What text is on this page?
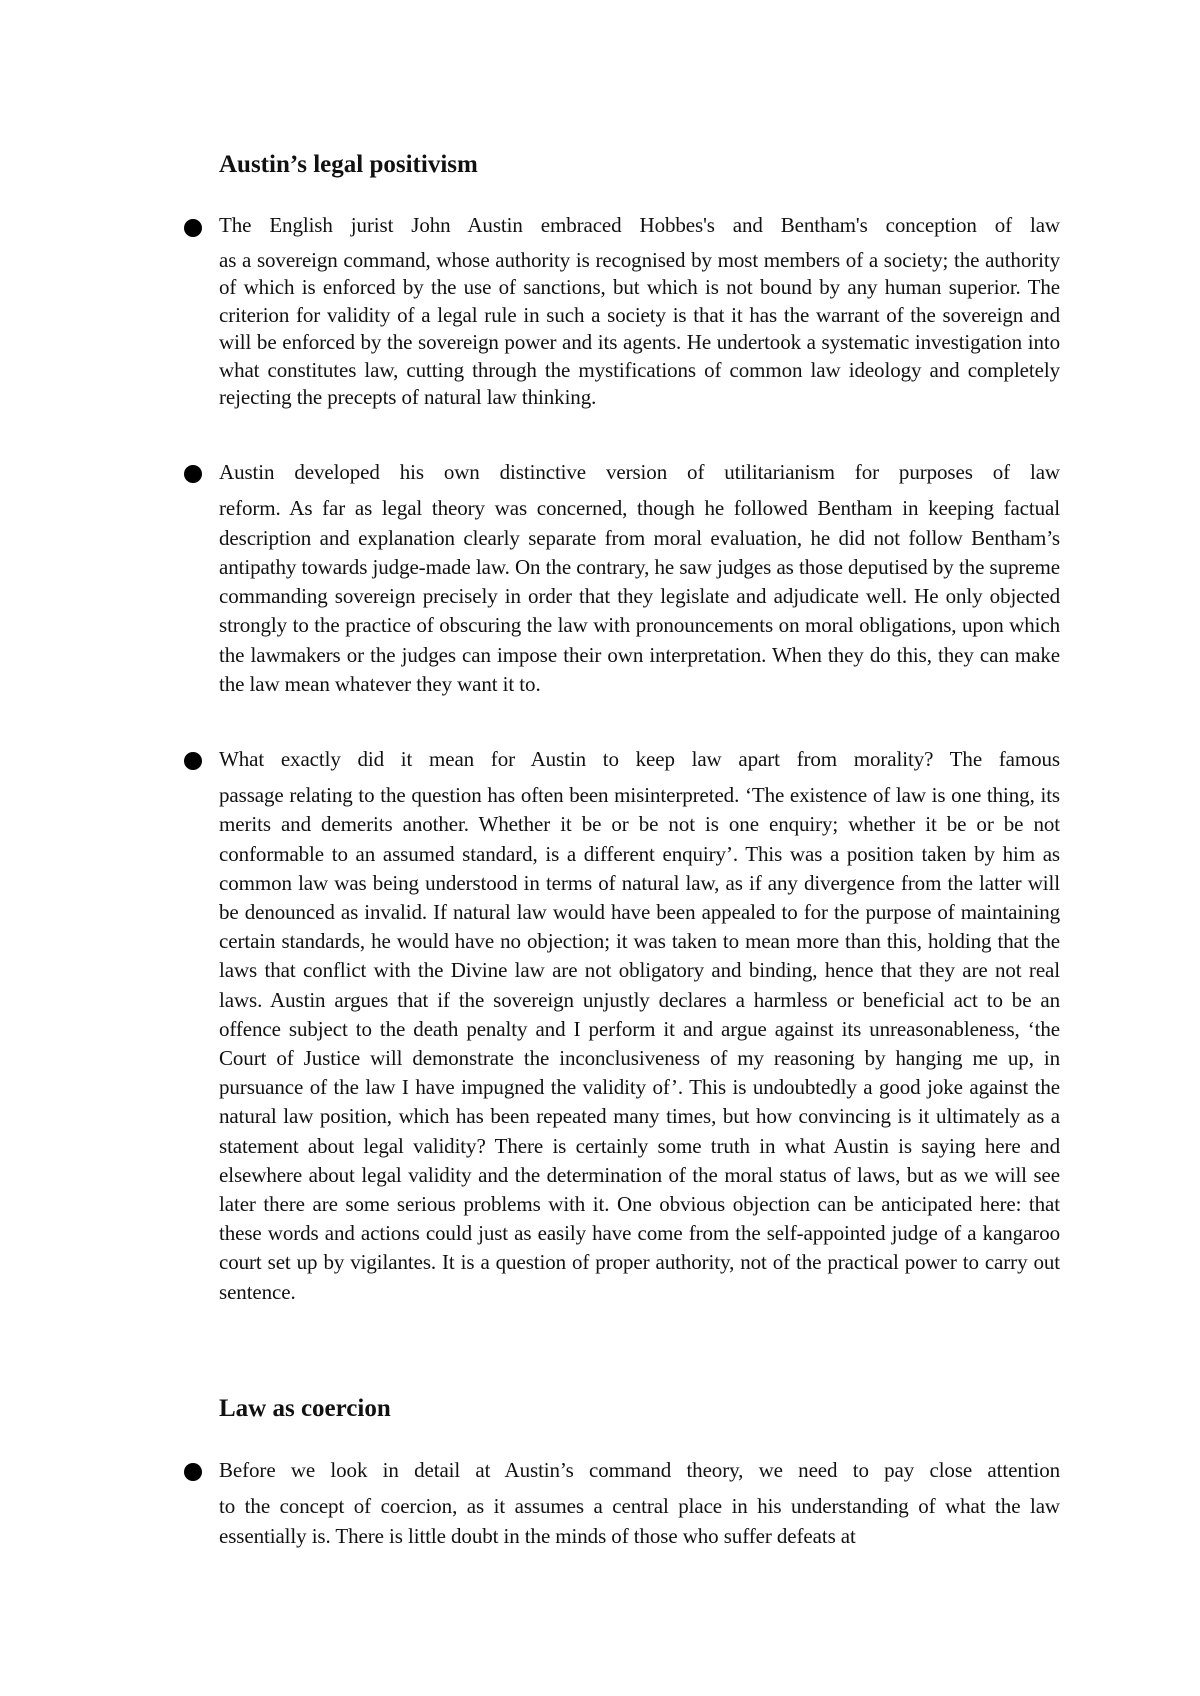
Austin’s legal positivism

The English jurist John Austin embraced Hobbes's and Bentham's conception of law
as a sovereign command, whose authority is recognised by most members of a society; the authority of which is enforced by the use of sanctions, but which is not bound by any human superior. The criterion for validity of a legal rule in such a society is that it has the warrant of the sovereign and will be enforced by the sovereign power and its agents. He undertook a systematic investigation into what constitutes law, cutting through the mystifications of common law ideology and completely rejecting the precepts of natural law thinking.

Austin developed his own distinctive version of utilitarianism for purposes of law
reform. As far as legal theory was concerned, though he followed Bentham in keeping factual description and explanation clearly separate from moral evaluation, he did not follow Bentham’s antipathy towards judge-made law. On the contrary, he saw judges as those deputised by the supreme commanding sovereign precisely in order that they legislate and adjudicate well. He only objected strongly to the practice of obscuring the law with pronouncements on moral obligations, upon which the lawmakers or the judges can impose their own interpretation. When they do this, they can make the law mean whatever they want it to.

What exactly did it mean for Austin to keep law apart from morality? The famous
passage relating to the question has often been misinterpreted. ‘The existence of law is one thing, its merits and demerits another. Whether it be or be not is one enquiry; whether it be or be not conformable to an assumed standard, is a different enquiry’. This was a position taken by him as common law was being understood in terms of natural law, as if any divergence from the latter will be denounced as invalid. If natural law would have been appealed to for the purpose of maintaining certain standards, he would have no objection; it was taken to mean more than this, holding that the laws that conflict with the Divine law are not obligatory and binding, hence that they are not real laws. Austin argues that if the sovereign unjustly declares a harmless or beneficial act to be an offence subject to the death penalty and I perform it and argue against its unreasonableness, ‘the Court of Justice will demonstrate the inconclusiveness of my reasoning by hanging me up, in pursuance of the law I have impugned the validity of’. This is undoubtedly a good joke against the natural law position, which has been repeated many times, but how convincing is it ultimately as a statement about legal validity? There is certainly some truth in what Austin is saying here and elsewhere about legal validity and the determination of the moral status of laws, but as we will see later there are some serious problems with it. One obvious objection can be anticipated here: that these words and actions could just as easily have come from the self-appointed judge of a kangaroo court set up by vigilantes. It is a question of proper authority, not of the practical power to carry out sentence.

Law as coercion

Before we look in detail at Austin’s command theory, we need to pay close attention
to the concept of coercion, as it assumes a central place in his understanding of what the law essentially is. There is little doubt in the minds of those who suffer defeats at
